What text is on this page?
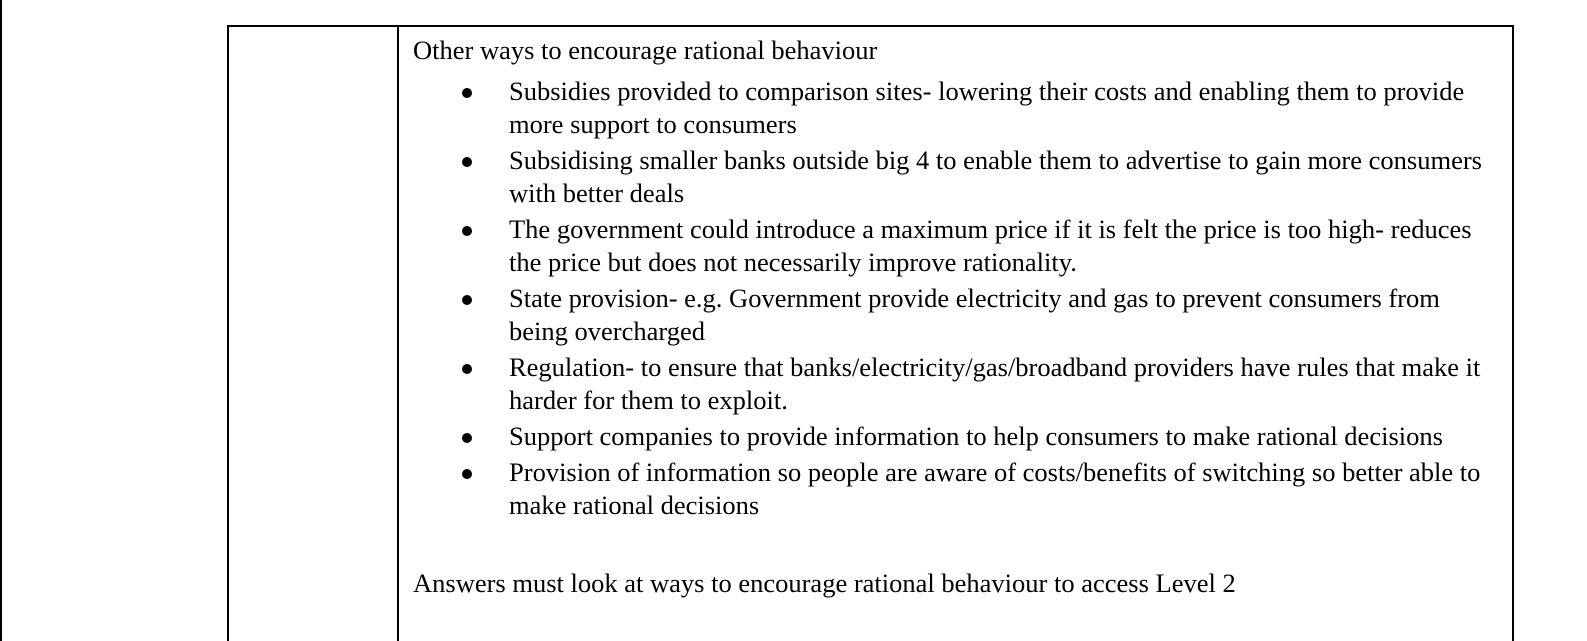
Other ways to encourage rational behaviour

Subsidies provided to comparison sites- lowering their costs and enabling them to provide more support to consumers
Subsidising smaller banks outside big 4 to enable them to advertise to gain more consumers with better deals
The government could introduce a maximum price if it is felt the price is too high- reduces the price but does not necessarily improve rationality.
State provision- e.g. Government provide electricity and gas to prevent consumers from being overcharged
Regulation- to ensure that banks/electricity/gas/broadband providers have rules that make it harder for them to exploit.
Support companies to provide information to help consumers to make rational decisions
Provision of information so people are aware of costs/benefits of switching so better able to make rational decisions

Answers must look at ways to encourage rational behaviour to access Level 2
